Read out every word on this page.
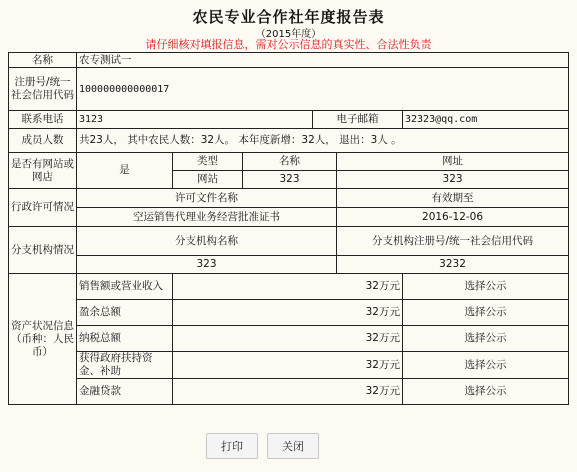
农民专业合作社年度报告表
（2015年度）
请仔细核对填报信息，需对公示信息的真实性、合法性负责
名称	农专测试一					
注册号/统一社会信用代码	100000000000017					
联系电话	3123			电子邮箱		32323@qq.com
成员人数	共23人， 其中农民人数：32人。 本年度新增：32人， 退出：3人 。					
是否有网站或网店	是	类型	名称		网址	
		网站	323		323	
行政许可情况	许可文件名称				有效期至	
	空运销售代理业务经营批准证书				2016-12-06	
分支机构情况	分支机构名称				分支机构注册号/统一社会信用代码	
	323				3232	
资产状况信息（币种：人民币）	销售额或营业收入	32万元				选择公示
	盈余总额	32万元				选择公示
	纳税总额	32万元				选择公示
	获得政府扶持资金、补助	32万元				选择公示
	金融贷款	32万元				选择公示
打印	关闭
